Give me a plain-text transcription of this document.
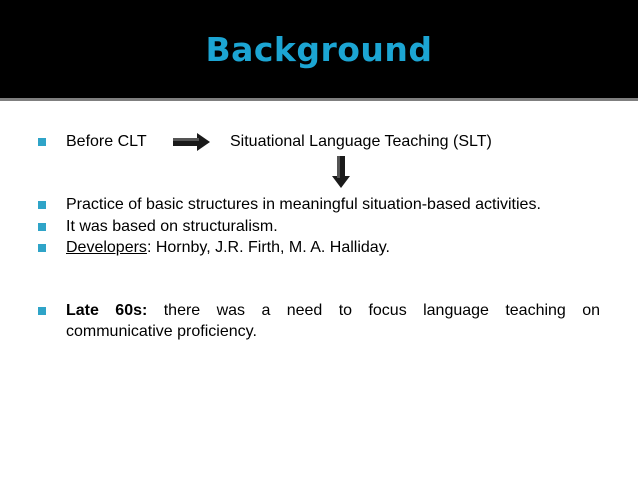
Background
Before CLT	Situational Language Teaching (SLT)
Practice of basic structures in meaningful situation-based activities.
It was based on structuralism.
Developers: Hornby, J.R. Firth, M. A. Halliday.
Late 60s: there was a need to focus language teaching on
communicative proficiency.
